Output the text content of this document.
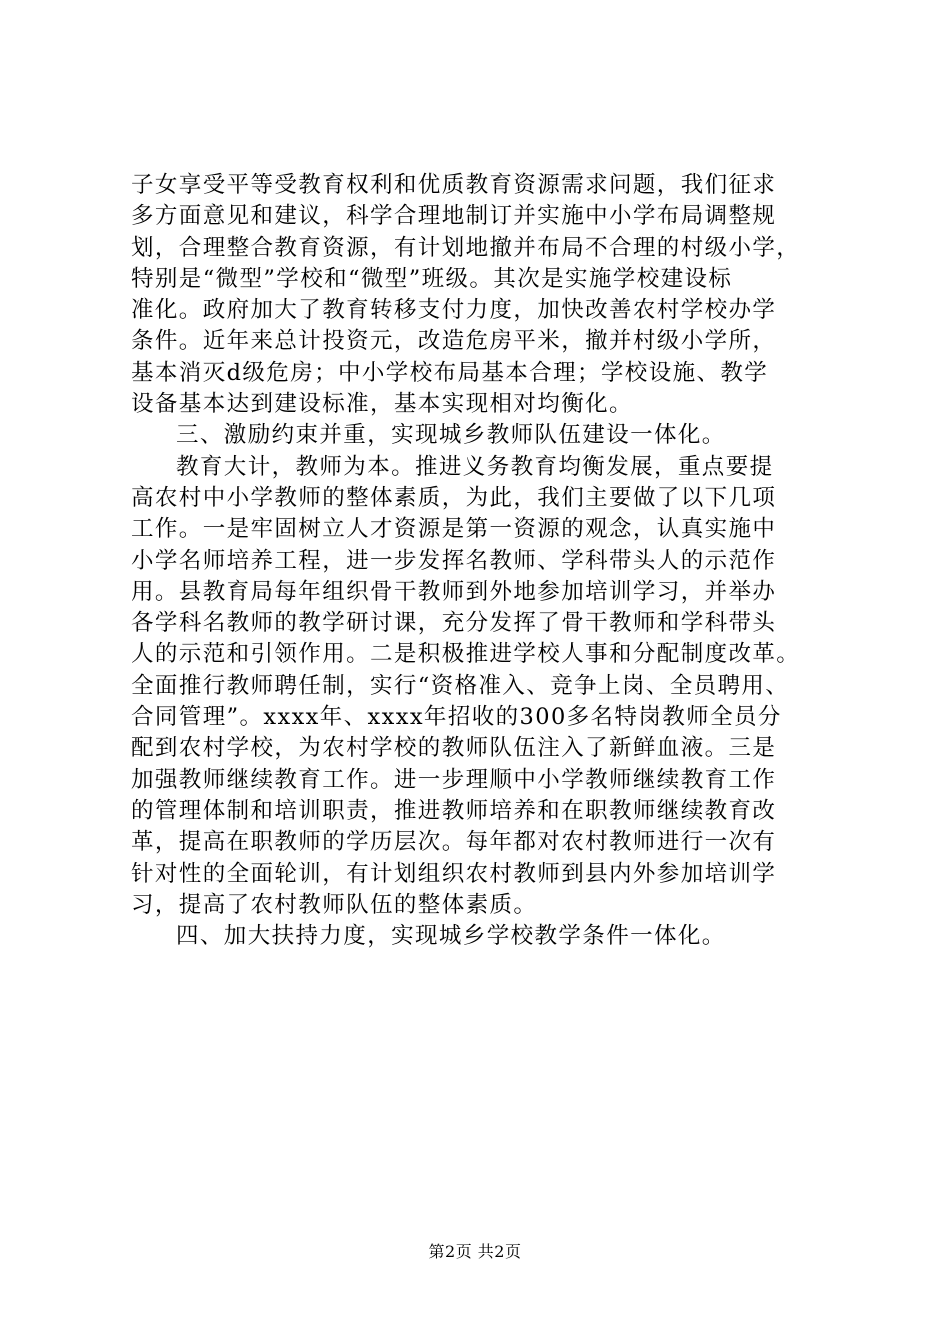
子女享受平等受教育权利和优质教育资源需求问题，我们征求
多方面意见和建议，科学合理地制订并实施中小学布局调整规
划，合理整合教育资源，有计划地撤并布局不合理的村级小学，
特别是“微型”学校和“微型”班级。其次是实施学校建设标
准化。政府加大了教育转移支付力度，加快改善农村学校办学
条件。近年来总计投资元，改造危房平米，撤并村级小学所，
基本消灭d级危房；中小学校布局基本合理；学校设施、教学
设备基本达到建设标准，基本实现相对均衡化。
三、激励约束并重，实现城乡教师队伍建设一体化。
教育大计，教师为本。推进义务教育均衡发展，重点要提
高农村中小学教师的整体素质，为此，我们主要做了以下几项
工作。一是牢固树立人才资源是第一资源的观念，认真实施中
小学名师培养工程，进一步发挥名教师、学科带头人的示范作
用。县教育局每年组织骨干教师到外地参加培训学习，并举办
各学科名教师的教学研讨课，充分发挥了骨干教师和学科带头
人的示范和引领作用。二是积极推进学校人事和分配制度改革。
全面推行教师聘任制，实行“资格准入、竞争上岗、全员聘用、
合同管理”。xxxx年、xxxx年招收的300多名特岗教师全员分
配到农村学校，为农村学校的教师队伍注入了新鲜血液。三是
加强教师继续教育工作。进一步理顺中小学教师继续教育工作
的管理体制和培训职责，推进教师培养和在职教师继续教育改
革，提高在职教师的学历层次。每年都对农村教师进行一次有
针对性的全面轮训，有计划组织农村教师到县内外参加培训学
习，提高了农村教师队伍的整体素质。
四、加大扶持力度，实现城乡学校教学条件一体化。
第2页 共2页
